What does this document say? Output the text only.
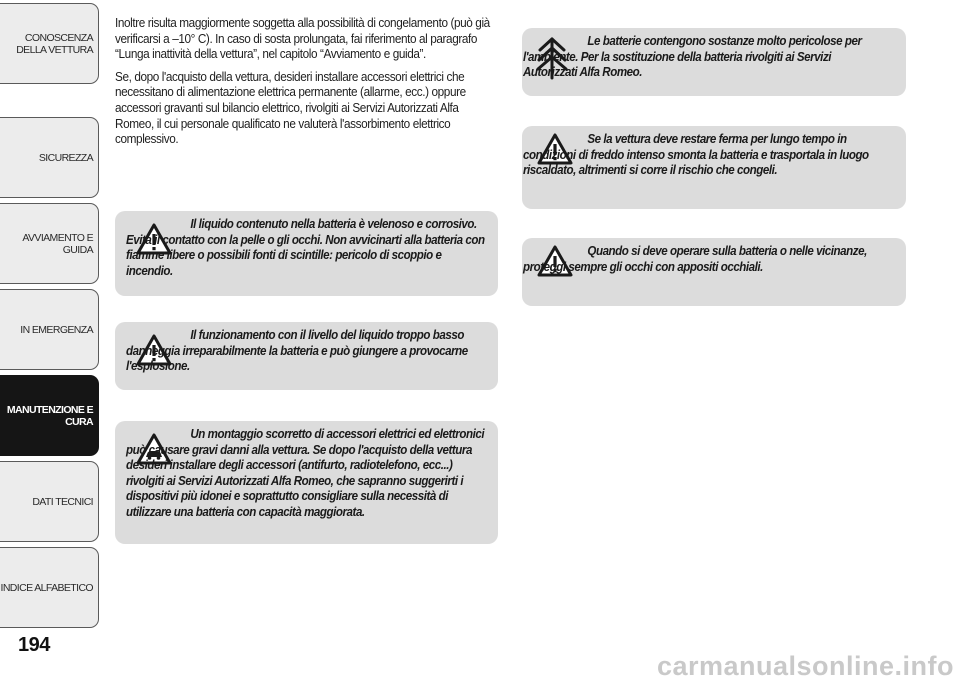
CONOSCENZA
DELLA VETTURA
SICUREZZA
AVVIAMENTO E
GUIDA
IN EMERGENZA
MANUTENZIONE E
CURA
DATI TECNICI
INDICE ALFABETICO
194

Inoltre risulta maggiormente soggetta alla possibilità di congelamento (può già verificarsi a –10° C). In caso di sosta prolungata, fai riferimento al paragrafo “Lunga inattività della vettura”, nel capitolo “Avviamento e guida”.

Se, dopo l'acquisto della vettura, desideri installare accessori elettrici che necessitano di alimentazione elettrica permanente (allarme, ecc.) oppure accessori gravanti sul bilancio elettrico, rivolgiti ai Servizi Autorizzati Alfa Romeo, il cui personale qualificato ne valuterà l'assorbimento elettrico complessivo.

Il liquido contenuto nella batteria è velenoso e corrosivo. Evita il contatto con la pelle o gli occhi. Non avvicinarti alla batteria con fiamme libere o possibili fonti di scintille: pericolo di scoppio e incendio.
Il funzionamento con il livello del liquido troppo basso danneggia irreparabilmente la batteria e può giungere a provocarne l'esplosione.
Un montaggio scorretto di accessori elettrici ed elettronici può causare gravi danni alla vettura. Se dopo l'acquisto della vettura desideri installare degli accessori (antifurto, radiotelefono, ecc...) rivolgiti ai Servizi Autorizzati Alfa Romeo, che sapranno suggerirti i dispositivi più idonei e soprattutto consigliare sulla necessità di utilizzare una batteria con capacità maggiorata.
Le batterie contengono sostanze molto pericolose per l'ambiente. Per la sostituzione della batteria rivolgiti ai Servizi Autorizzati Alfa Romeo.
Se la vettura deve restare ferma per lungo tempo in condizioni di freddo intenso smonta la batteria e trasportala in luogo riscaldato, altrimenti si corre il rischio che congeli.
Quando si deve operare sulla batteria o nelle vicinanze, proteggi sempre gli occhi con appositi occhiali.
carmanualsonline.info
